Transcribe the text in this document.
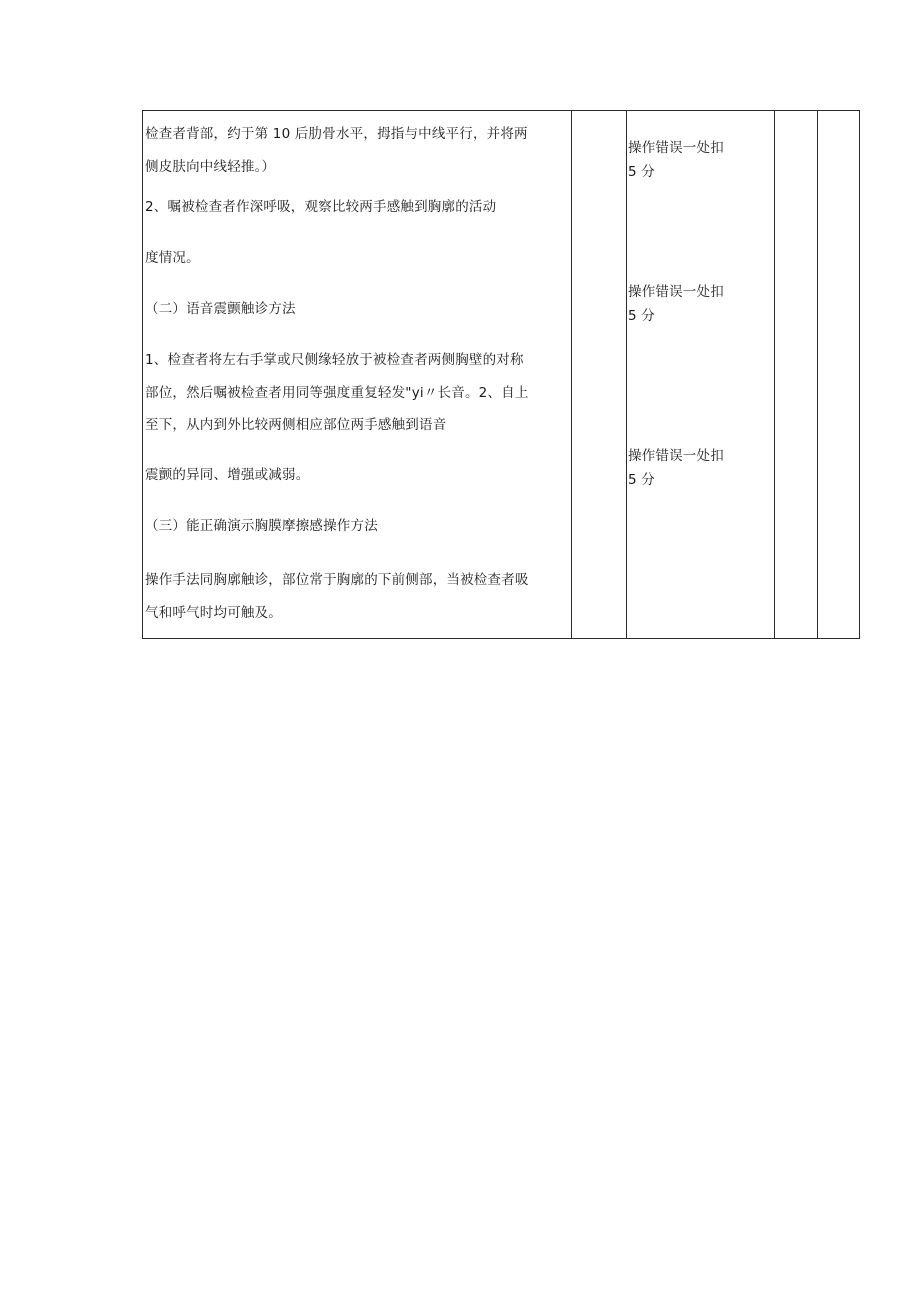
检查者背部，约于第 10 后肋骨水平，拇指与中线平行，并将两
侧皮肤向中线轻推。）
2、嘱被检查者作深呼吸，观察比较两手感触到胸廓的活动
度情况。
（二）语音震颤触诊方法
1、检查者将左右手掌或尺侧缘轻放于被检查者两侧胸壁的对称
部位，然后嘱被检查者用同等强度重复轻发"yi〃长音。2、自上
至下，从内到外比较两侧相应部位两手感触到语音
震颤的异同、增强或减弱。
（三）能正确演示胸膜摩擦感操作方法
操作手法同胸廓触诊，部位常于胸廓的下前侧部，当被检查者吸
气和呼气时均可触及。
操作错误一处扣
5 分
操作错误一处扣
5 分
操作错误一处扣
5 分
